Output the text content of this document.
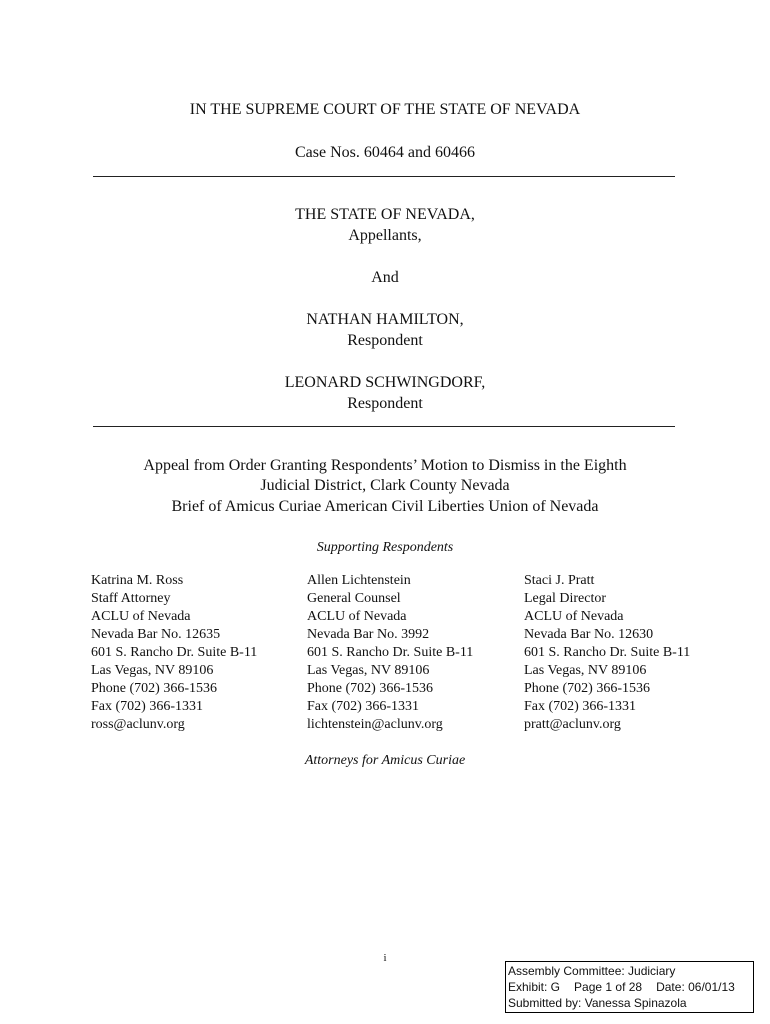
IN THE SUPREME COURT OF THE STATE OF NEVADA
Case Nos. 60464 and 60466
THE STATE OF NEVADA,
Appellants,
And
NATHAN HAMILTON,
Respondent
LEONARD SCHWINGDORF,
Respondent
Appeal from Order Granting Respondents’ Motion to Dismiss in the Eighth
Judicial District, Clark County Nevada
Brief of Amicus Curiae American Civil Liberties Union of Nevada
Supporting Respondents
Katrina M. Ross
Staff Attorney
ACLU of Nevada
Nevada Bar No. 12635
601 S. Rancho Dr. Suite B-11
Las Vegas, NV 89106
Phone (702) 366-1536
Fax (702) 366-1331
ross@aclunv.org
Allen Lichtenstein
General Counsel
ACLU of Nevada
Nevada Bar No. 3992
601 S. Rancho Dr. Suite B-11
Las Vegas, NV 89106
Phone (702) 366-1536
Fax (702) 366-1331
lichtenstein@aclunv.org
Staci J. Pratt
Legal Director
ACLU of Nevada
Nevada Bar No. 12630
601 S. Rancho Dr. Suite B-11
Las Vegas, NV 89106
Phone (702) 366-1536
Fax (702) 366-1331
pratt@aclunv.org
Attorneys for Amicus Curiae
i
Assembly Committee: Judiciary
Exhibit: G Page 1 of 28 Date: 06/01/13
Submitted by: Vanessa Spinazola
